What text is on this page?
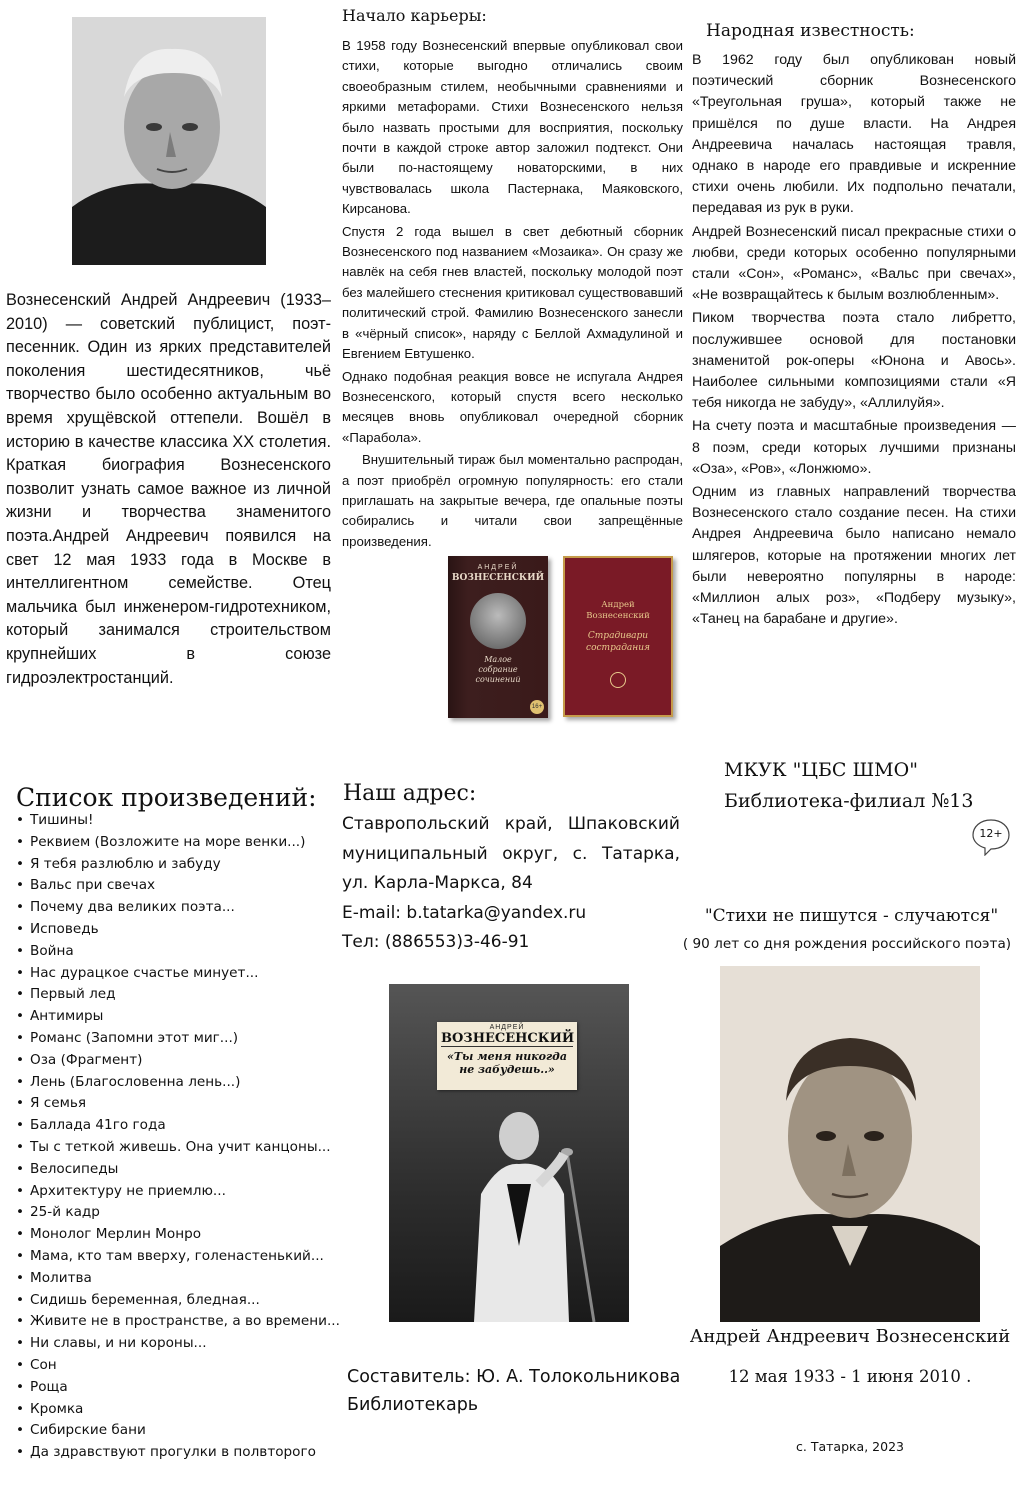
Вознесенский Андрей Андреевич (1933–2010) — советский публицист, поэт-песенник. Один из ярких представителей поколения шестидесятников, чьё творчество было особенно актуальным во время хрущёвской оттепели. Вошёл в историю в качестве классика XX столетия. Краткая биография Вознесенского позволит узнать самое важное из личной жизни и творчества знаменитого поэта.Андрей Андреевич появился на свет 12 мая 1933 года в Москве в интеллигентном семействе. Отец мальчика был инженером-гидротехником, который занимался строительством крупнейших в союзе гидроэлектростанций.
Начало карьеры:

В 1958 году Вознесенский впервые опубликовал свои стихи, которые выгодно отличались своим своеобразным стилем, необычными сравнениями и яркими метафорами. Стихи Вознесенского нельзя было назвать простыми для восприятия, поскольку почти в каждой строке автор заложил подтекст. Они были по-настоящему новаторскими, в них чувствовалась школа Пастернака, Маяковского, Кирсанова.

Спустя 2 года вышел в свет дебютный сборник Вознесенского под названием «Мозаика». Он сразу же навлёк на себя гнев властей, поскольку молодой поэт без малейшего стеснения критиковал существовавший политический строй. Фамилию Вознесенского занесли в «чёрный список», наряду с Беллой Ахмадулиной и Евгением Евтушенко.

Однако подобная реакция вовсе не испугала Андрея Вознесенского, который спустя всего несколько месяцев вновь опубликовал очередной сборник «Парабола».

Внушительный тираж был моментально распродан, а поэт приобрёл огромную популярность: его стали приглашать на закрытые вечера, где опальные поэты собирались и читали свои запрещённые произведения.

АНДРЕЙ
ВОЗНЕСЕНСКИЙ
Малое собрание сочинений
16+
Андрей Вознесенский
Страдивари сострадания
Народная известность:

В 1962 году был опубликован новый поэтический сборник Вознесенского «Треугольная груша», который также не пришёлся по душе власти. На Андрея Андреевича началась настоящая травля, однако в народе его правдивые и искренние стихи очень любили. Их подпольно печатали, передавая из рук в руки.

Андрей Вознесенский писал прекрасные стихи о любви, среди которых особенно популярными стали «Сон», «Романс», «Вальс при свечах», «Не возвращайтесь к былым возлюбленным».

Пиком творчества поэта стало либретто, послужившее основой для постановки знаменитой рок-оперы «Юнона и Авось». Наиболее сильными композициями стали «Я тебя никогда не забуду», «Аллилуйя».

На счету поэта и масштабные произведения — 8 поэм, среди которых лучшими признаны «Оза», «Ров», «Лонжюмо».

Одним из главных направлений творчества Вознесенского стало создание песен. На стихи Андрея Андреевича было написано немало шлягеров, которые на протяжении многих лет были невероятно популярны в народе: «Миллион алых роз», «Подберу музыку», «Танец на барабане и другие».

Список произведений:
• Тишины!
• Реквием (Возложите на море венки...)
• Я тебя разлюблю и забуду
• Вальс при свечах
• Почему два великих поэта...
• Исповедь
• Война
• Нас дурацкое счастье минует...
• Первый лед
• Антимиры
• Романс (Запомни этот миг...)
• Оза (Фрагмент)
• Лень (Благословенна лень...)
• Я семья
• Баллада 41го года
• Ты с теткой живешь. Она учит канцоны...
• Велосипеды
• Архитектуру не приемлю...
• 25-й кадр
• Монолог Мерлин Монро
• Мама, кто там вверху, голенастенький...
• Молитва
• Сидишь беременная, бледная...
• Живите не в пространстве, а во времени...
• Ни славы, и ни короны...
• Сон
• Роща
• Кромка
• Сибирские бани
• Да здравствуют прогулки в полвторого
Наш адрес:
Ставропольский край, Шпаковский муниципальный округ, с. Татарка, ул. Карла-Маркса, 84
E-mail: b.tatarka@yandex.ru
Тел: (886553)3-46-91
АНДРЕЙ
ВОЗНЕСЕНСКИЙ
«Ты меня никогда не забудешь..»
Составитель: Ю. А. Толокольникова
Библиотекарь
МКУК "ЦБС ШМО"
Библиотека-филиал №13
12+
"Стихи не пишутся - случаются"
( 90 лет со дня рождения российского поэта)
Андрей Андреевич Вознесенский
12 мая 1933 - 1 июня 2010 .
с. Татарка, 2023
